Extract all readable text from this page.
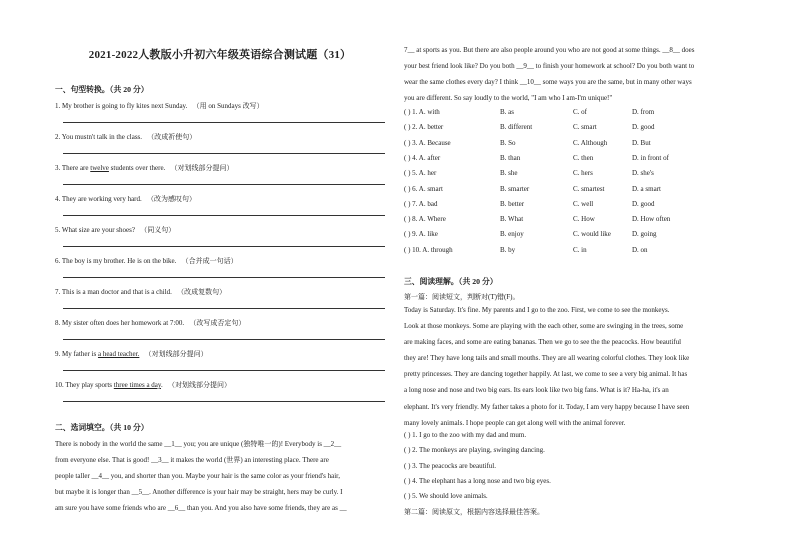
2021-2022人教版小升初六年级英语综合测试题（31）
一、句型转换。（共 20 分）
1. My brother is going to fly kites next Sunday. （用 on Sundays 改写）
2. You mustn't talk in the class. （改成祈使句）
3. There are twelve students over there. （对划线部分提问）
4. They are working very hard. （改为感叹句）
5. What size are your shoes? （同义句）
6. The boy is my brother. He is on the bike. （合并成一句话）
7. This is a man doctor and that is a child. （改成复数句）
8. My sister often does her homework at 7:00. （改写成否定句）
9. My father is a head teacher. （对划线部分提问）
10. They play sports three times a day. （对划线部分提问）
二、选词填空。（共 10 分）

There is nobody in the world the same __1__ you; you are unique (独特唯一的)! Everybody is __2__

from everyone else. That is good! __3__ it makes the world (世界) an interesting place. There are

people taller __4__ you, and shorter than you. Maybe your hair is the same color as your friend's hair,

but maybe it is longer than __5__. Another difference is your hair may be straight, hers may be curly. I

am sure you have some friends who are __6__ than you. And you also have some friends, they are as __

7__ at sports as you. But there are also people around you who are not good at some things. __8__ does

your best friend look like? Do you both __9__ to finish your homework at school? Do you both want to

wear the same clothes every day? I think __10__ some ways you are the same, but in many other ways

you are different. So say loudly to the world, "I am who I am-I'm unique!"

( ) 1. A. with	B. as	C. of	D. from
( ) 2. A. better	B. different	C. smart	D. good
( ) 3. A. Because	B. So	C. Although	D. But
( ) 4. A. after	B. than	C. then	D. in front of
( ) 5. A. her	B. she	C. hers	D. she's
( ) 6. A. smart	B. smarter	C. smartest	D. a smart
( ) 7. A. bad	B. better	C. well	D. good
( ) 8. A. Where	B. What	C. How	D. How often
( ) 9. A. like	B. enjoy	C. would like	D. going
( ) 10. A. through	B. by	C. in	D. on
三、阅读理解。（共 20 分）
第一篇：阅读短文，判断对(T)错(F)。

Today is Saturday. It's fine. My parents and I go to the zoo. First, we come to see the monkeys.

Look at those monkeys. Some are playing with the each other, some are swinging in the trees, some

are making faces, and some are eating bananas. Then we go to see the the peacocks. How beautiful

they are! They have long tails and small mouths. They are all wearing colorful clothes. They look like

pretty princesses. They are dancing together happily. At last, we come to see a very big animal. It has

a long nose and nose and two big ears. Its ears look like two big fans. What is it? Ha-ha, it's an

elephant. It's very friendly. My father takes a photo for it. Today, I am very happy because I have seen

many lovely animals. I hope people can get along well with the animal forever.

( ) 1. I go to the zoo with my dad and mum.
( ) 2. The monkeys are playing, swinging dancing.
( ) 3. The peacocks are beautiful.
( ) 4. The elephant has a long nose and two big eyes.
( ) 5. We should love animals.
第二篇：阅读原文，根据内容选择最佳答案。
